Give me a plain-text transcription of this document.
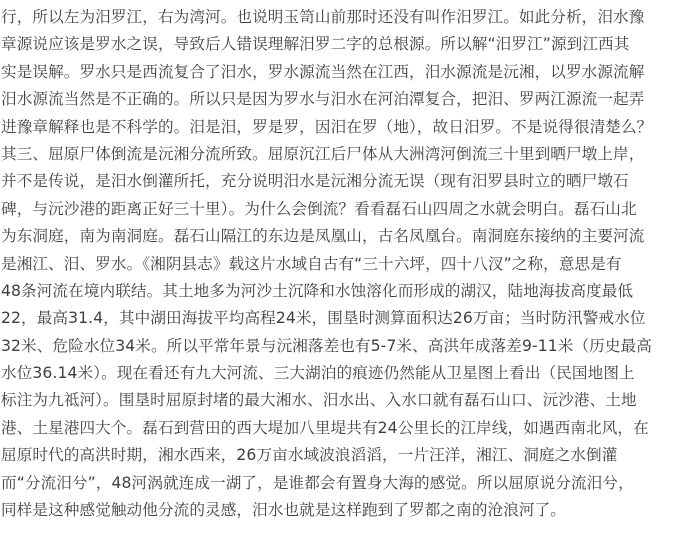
行，所以左为汨罗江，右为湾河。也说明玉笥山前那时还没有叫作汨罗江。如此分析，汨水豫
章源说应该是罗水之误，导致后人错误理解汨罗二字的总根源。所以解“汨罗江”源到江西其
实是误解。罗水只是西流复合了汨水，罗水源流当然在江西，汨水源流是沅湘，以罗水源流解
汨水源流当然是不正确的。所以只是因为罗水与汨水在河泊潭复合，把汨、罗两江源流一起弄
进豫章解释也是不科学的。汨是汨，罗是罗，因汨在罗（地），故日汨罗。不是说得很清楚么？
其三、屈原尸体倒流是沅湘分流所致。屈原沉江后尸体从大洲湾河倒流三十里到晒尸墩上岸，
并不是传说，是汨水倒灌所托，充分说明汨水是沅湘分流无误（现有汨罗县时立的晒尸墩石
碑，与沅沙港的距离正好三十里）。为什么会倒流？看看磊石山四周之水就会明白。磊石山北
为东洞庭，南为南洞庭。磊石山隔江的东边是凤凰山，古名凤凰台。南洞庭东接纳的主要河流
是湘江、汨、罗水。《湘阴县志》载这片水域自古有“三十六坪，四十八汊”之称，意思是有
48条河流在境内联结。其土地多为河沙土沉降和水蚀溶化而形成的湖汉，陆地海拔高度最低
22，最高31.4，其中湖田海拔平均高程24米，围垦时测算面积达26万亩；当时防汛警戒水位
32米、危险水位34米。所以平常年景与沅湘落差也有5-7米、高洪年成落差9-11米（历史最高
水位36.14米）。现在看还有九大河流、三大湖泊的痕迹仍然能从卫星图上看出（民国地图上
标注为九祗河）。围垦时屈原封堵的最大湘水、汨水出、入水口就有磊石山口、沅沙港、土地
港、土星港四大个。磊石到营田的西大堤加八里堤共有24公里长的江岸线，如遇西南北风，在
屈原时代的高洪时期，湘水西来，26万亩水域波浪滔滔，一片汪洋，湘江、洞庭之水倒灌
而“分流汨兮”，48河涡就连成一湖了，是谁都会有置身大海的感觉。所以屈原说分流汨兮，
同样是这种感觉触动他分流的灵感，汨水也就是这样跑到了罗都之南的沧浪河了。
